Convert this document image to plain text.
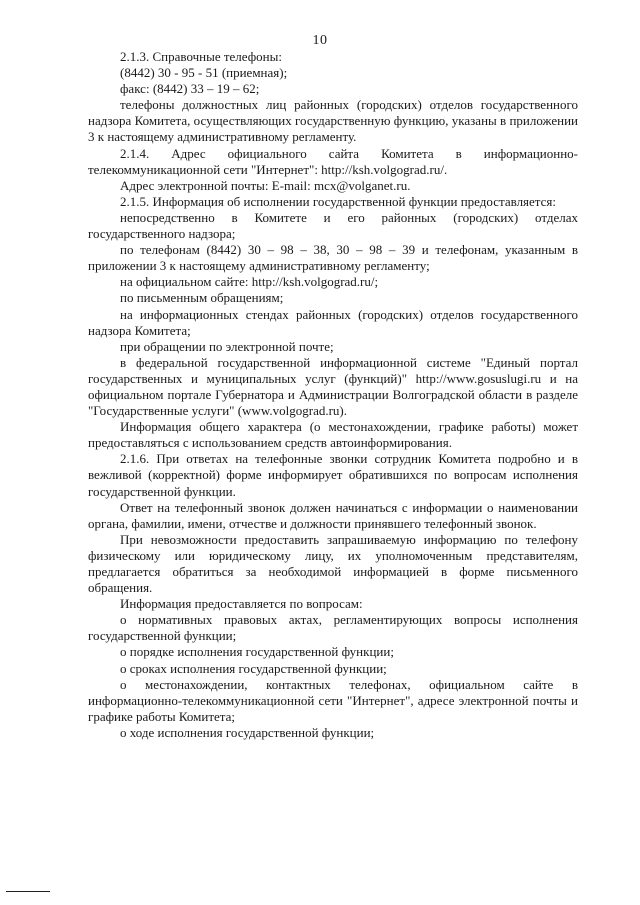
10

2.1.3. Справочные телефоны:

(8442) 30 - 95 - 51 (приемная);

факс: (8442) 33 – 19 – 62;

телефоны должностных лиц районных (городских) отделов государственного надзора Комитета, осуществляющих государственную функцию, указаны в приложении 3 к настоящему административному регламенту.

2.1.4. Адрес официального сайта Комитета в информационно-телекоммуникационной сети "Интернет": http://ksh.volgograd.ru/.

Адрес электронной почты: E-mail: mcx@volganet.ru.

2.1.5. Информация об исполнении государственной функции предоставляется:

непосредственно в Комитете и его районных (городских) отделах государственного надзора;

по телефонам (8442) 30 – 98 – 38, 30 – 98 – 39 и телефонам, указанным в приложении 3 к настоящему административному регламенту;

на официальном сайте: http://ksh.volgograd.ru/;

по письменным обращениям;

на информационных стендах районных (городских) отделов государственного надзора Комитета;

при обращении по электронной почте;

в федеральной государственной информационной системе "Единый портал государственных и муниципальных услуг (функций)" http://www.gosuslugi.ru и на официальном портале Губернатора и Администрации Волгоградской области в разделе "Государственные услуги" (www.volgograd.ru).

Информация общего характера (о местонахождении, графике работы) может предоставляться с использованием средств автоинформирования.

2.1.6. При ответах на телефонные звонки сотрудник Комитета подробно и в вежливой (корректной) форме информирует обратившихся по вопросам исполнения государственной функции.

Ответ на телефонный звонок должен начинаться с информации о наименовании органа, фамилии, имени, отчестве и должности принявшего телефонный звонок.

При невозможности предоставить запрашиваемую информацию по телефону физическому или юридическому лицу, их уполномоченным представителям, предлагается обратиться за необходимой информацией в форме письменного обращения.

Информация предоставляется по вопросам:

о нормативных правовых актах, регламентирующих вопросы исполнения государственной функции;

о порядке исполнения государственной функции;

о сроках исполнения государственной функции;

о местонахождении, контактных телефонах, официальном сайте в информационно-телекоммуникационной сети "Интернет", адресе электронной почты и графике работы Комитета;

о ходе исполнения государственной функции;
